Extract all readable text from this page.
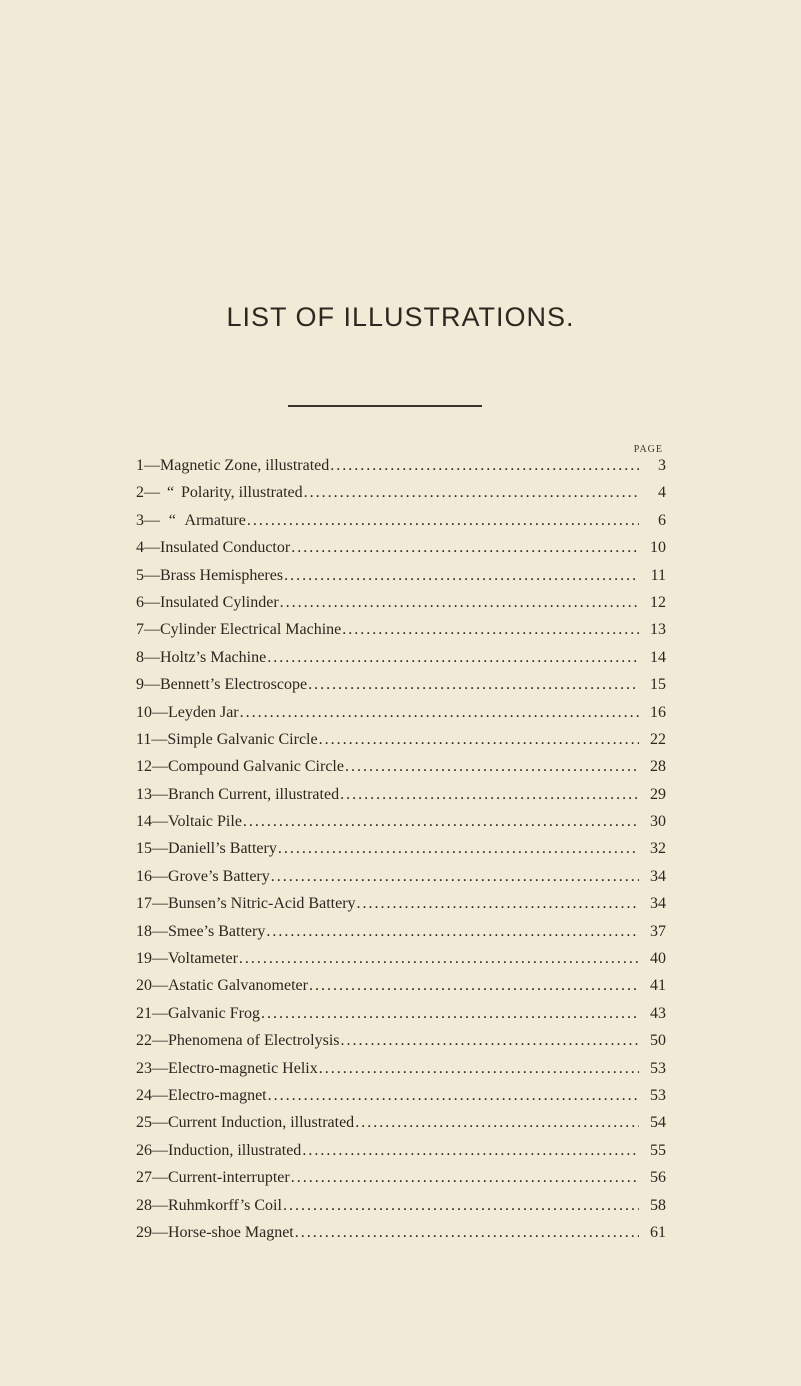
LIST OF ILLUSTRATIONS.
PAGE
1— Magnetic Zone, illustrated . . .	3
2— “ Polarity, illustrated . . .	4
3— “ Armature . . .	6
4— Insulated Conductor . . .	10
5— Brass Hemispheres . . .	11
6— Insulated Cylinder . . .	12
7— Cylinder Electrical Machine . . .	13
8— Holtz’s Machine . . .	14
9— Bennett’s Electroscope . . .	15
10— Leyden Jar . . .	16
11— Simple Galvanic Circle . . .	22
12— Compound Galvanic Circle . . .	28
13— Branch Current, illustrated . . .	29
14— Voltaic Pile . . .	30
15— Daniell’s Battery . . .	32
16— Grove’s Battery . . .	34
17— Bunsen’s Nitric-Acid Battery . . .	34
18— Smee’s Battery . . .	37
19— Voltameter . . .	40
20— Astatic Galvanometer . . .	41
21— Galvanic Frog . . .	43
22— Phenomena of Electrolysis . . .	50
23— Electro-magnetic Helix . . .	53
24— Electro-magnet . . .	53
25— Current Induction, illustrated . . .	54
26— Induction, illustrated . . .	55
27— Current-interrupter . . .	56
28— Ruhmkorff’s Coil . . .	58
29— Horse-shoe Magnet . . .	61
